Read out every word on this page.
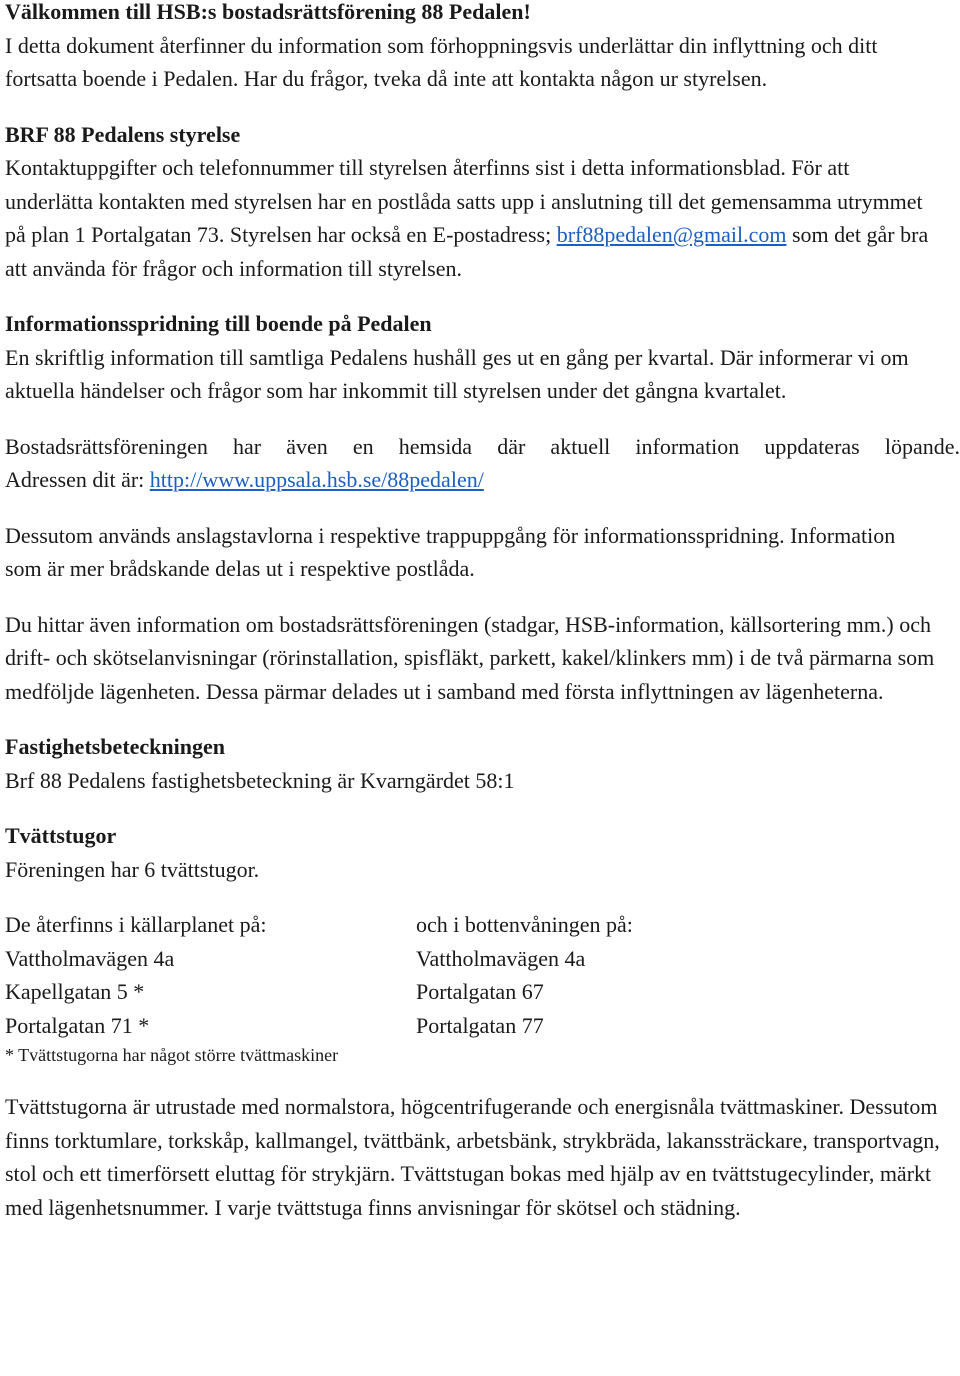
Välkommen till HSB:s bostadsrättsförening 88 Pedalen!

I detta dokument återfinner du information som förhoppningsvis underlättar din inflyttning och ditt fortsatta boende i Pedalen. Har du frågor, tveka då inte att kontakta någon ur styrelsen.

BRF 88 Pedalens styrelse

Kontaktuppgifter och telefonnummer till styrelsen återfinns sist i detta informationsblad. För att underlätta kontakten med styrelsen har en postlåda satts upp i anslutning till det gemensamma utrymmet på plan 1 Portalgatan 73. Styrelsen har också en E-postadress; brf88pedalen@gmail.com som det går bra att använda för frågor och information till styrelsen.

Informationsspridning till boende på Pedalen

En skriftlig information till samtliga Pedalens hushåll ges ut en gång per kvartal. Där informerar vi om aktuella händelser och frågor som har inkommit till styrelsen under det gångna kvartalet.

Bostadsrättsföreningen har även en hemsida där aktuell information uppdateras löpande.
Adressen dit är: http://www.uppsala.hsb.se/88pedalen/

Dessutom används anslagstavlorna i respektive trappuppgång för informationsspridning. Information som är mer brådskande delas ut i respektive postlåda.

Du hittar även information om bostadsrättsföreningen (stadgar, HSB-information, källsortering mm.) och drift- och skötselanvisningar (rörinstallation, spisfläkt, parkett, kakel/klinkers mm) i de två pärmarna som medföljde lägenheten. Dessa pärmar delades ut i samband med första inflyttningen av lägenheterna.

Fastighetsbeteckningen

Brf 88 Pedalens fastighetsbeteckning är Kvarngärdet 58:1

Tvättstugor

Föreningen har 6 tvättstugor.

De återfinns i källarplanet på:

Vattholmavägen 4a

Kapellgatan 5 *

Portalgatan 71 *

och i bottenvåningen på:

Vattholmavägen 4a

Portalgatan 67

Portalgatan 77

* Tvättstugorna har något större tvättmaskiner

Tvättstugorna är utrustade med normalstora, högcentrifugerande och energisnåla tvättmaskiner. Dessutom finns torktumlare, torkskåp, kallmangel, tvättbänk, arbetsbänk, strykbräda, lakanssträckare, transportvagn, stol och ett timerförsett eluttag för strykjärn. Tvättstugan bokas med hjälp av en tvättstugecylinder, märkt med lägenhetsnummer. I varje tvättstuga finns anvisningar för skötsel och städning.
